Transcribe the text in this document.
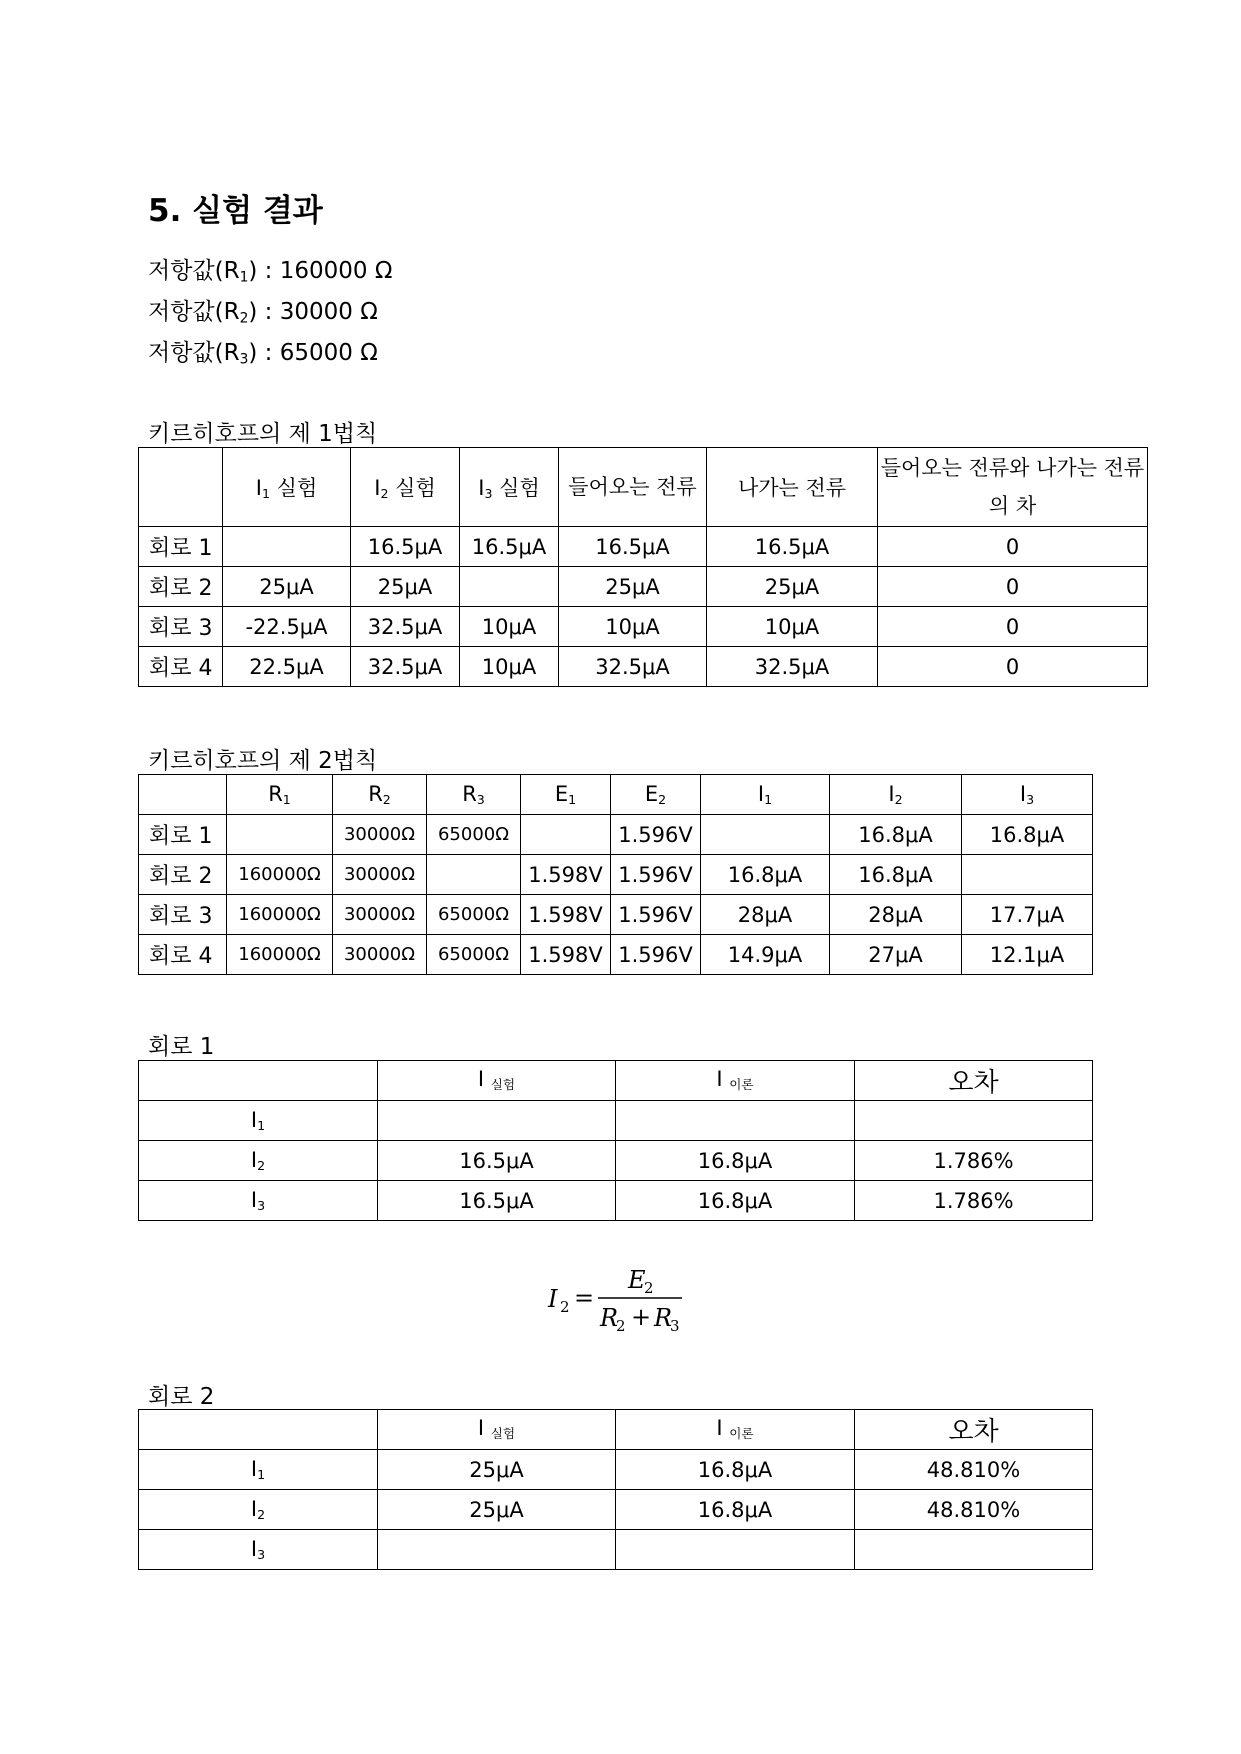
5. 실험 결과
저항값$(R_1)$ : 160000 Ω
저항값$(R_2)$ : 30000 Ω
저항값$(R_3)$ : 65000 Ω
키르히호프의 제 1법칙
	$I_1$ 실험	$I_2$ 실험	$I_3$ 실험	들어오는 전류	나가는 전류	들어오는 전류와 나가는 전류의 차
회로 1		16.5μA	16.5μA	16.5μA	16.5μA	0
회로 2	25μA	25μA		25μA	25μA	0
회로 3	-22.5μA	32.5μA	10μA	10μA	10μA	0
회로 4	22.5μA	32.5μA	10μA	32.5μA	32.5μA	0
키르히호프의 제 2법칙
	$R_1$	$R_2$	$R_3$	$E_1$	$E_2$	$I_1$	$I_2$	$I_3$
회로 1		30000Ω	65000Ω		1.596V		16.8μA	16.8μA
회로 2	160000Ω	30000Ω		1.598V	1.596V	16.8μA	16.8μA	
회로 3	160000Ω	30000Ω	65000Ω	1.598V	1.596V	28μA	28μA	17.7μA
회로 4	160000Ω	30000Ω	65000Ω	1.598V	1.596V	14.9μA	27μA	12.1μA
회로 1
	I $_{실험}$	I $_{이론}$	오차
$I_1$			
$I_2$	16.5μA	16.8μA	1.786%
$I_3$	16.5μA	16.8μA	1.786%
I 2 =
E
2
R
2 + R
3
회로 2
	I $_{실험}$	I $_{이론}$	오차
$I_1$	25μA	16.8μA	48.810%
$I_2$	25μA	16.8μA	48.810%
$I_3$			
